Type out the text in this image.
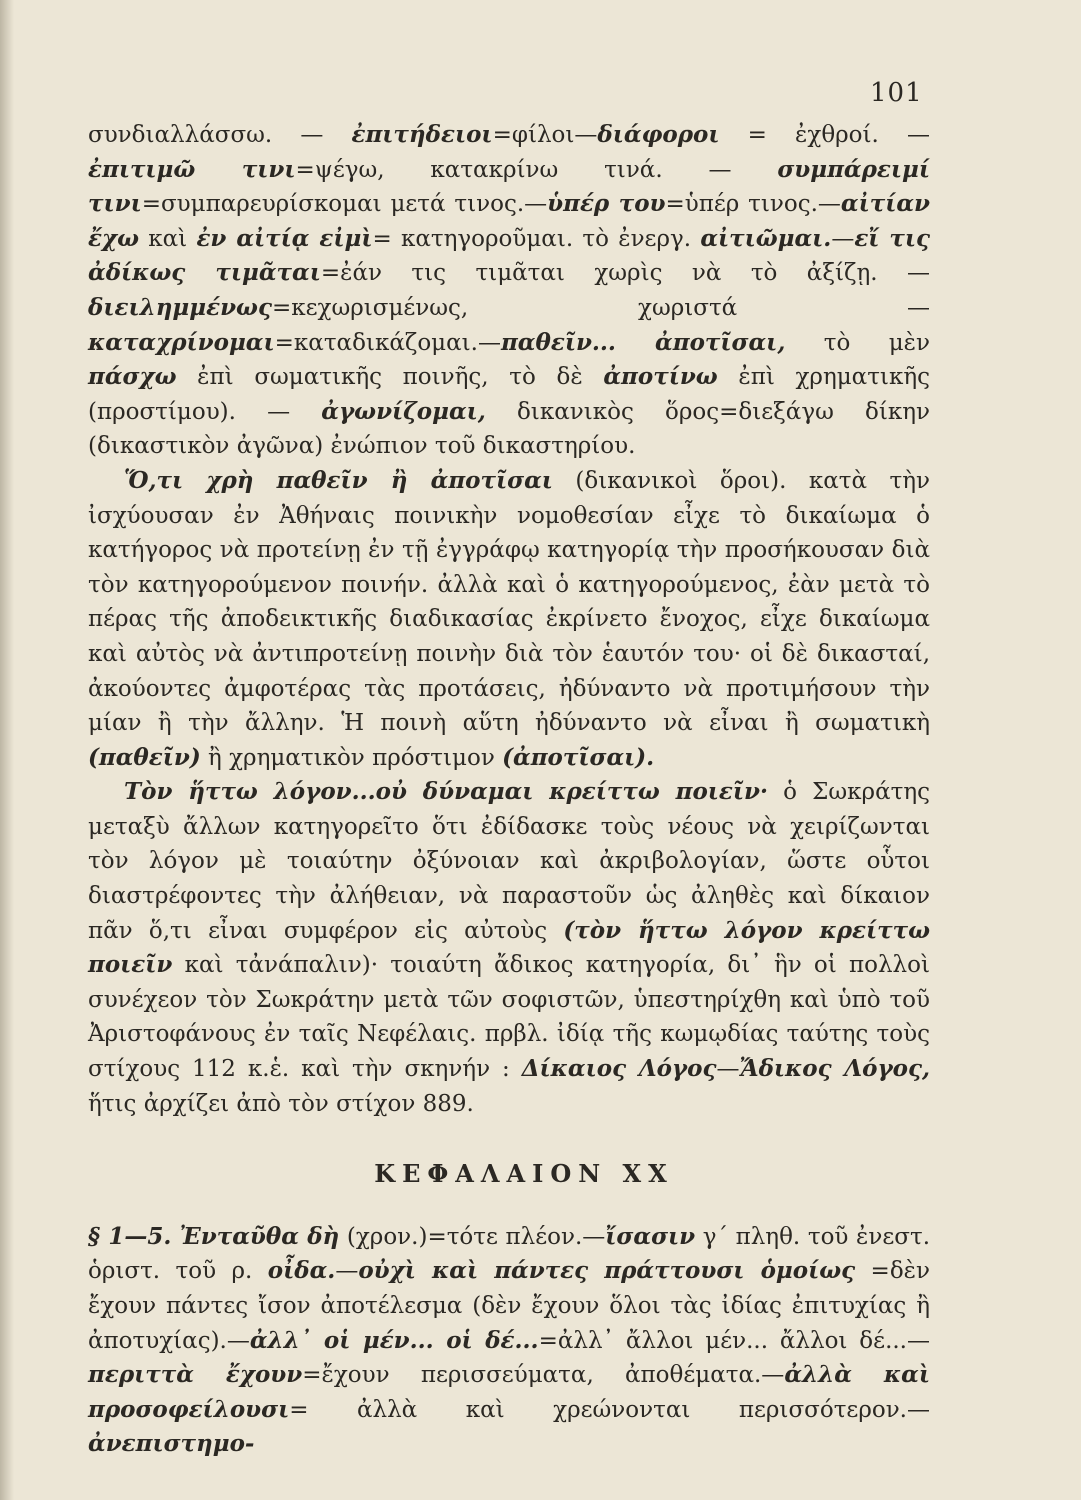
101

συνδιαλλάσσω. — ἐπιτήδειοι=φίλοι—διάφοροι = ἐχθροί. — ἐπιτιμῶ τινι=ψέγω, κατακρίνω τινά. — συμπάρειμί τινι=συμπαρευρίσκομαι μετά τινος.—ὑπέρ του=ὑπέρ τινος.—αἰτίαν ἔχω καὶ ἐν αἰτίᾳ εἰμὶ= κατηγοροῦμαι. τὸ ἐνεργ. αἰτιῶμαι.—εἴ τις ἀδίκως τιμᾶται=ἐάν τις τιμᾶται χωρὶς νὰ τὸ ἀξίζῃ. — διειλημμένως=κεχωρισμένως, χωριστά —καταχρίνομαι=καταδικάζομαι.—παθεῖν... ἀποτῖσαι, τὸ μὲν πάσχω ἐπὶ σωματικῆς ποινῆς, τὸ δὲ ἀποτίνω ἐπὶ χρηματικῆς (προστίμου). — ἀγωνίζομαι, δικανικὸς ὅρος=διεξάγω δίκην (δικαστικὸν ἀγῶνα) ἐνώπιον τοῦ δικαστηρίου.

Ὅ,τι χρὴ παθεῖν ἢ ἀποτῖσαι (δικανικοὶ ὅροι). κατὰ τὴν ἰσχύουσαν ἐν Ἀθήναις ποινικὴν νομοθεσίαν εἶχε τὸ δικαίωμα ὁ κατήγορος νὰ προτείνῃ ἐν τῇ ἐγγράφῳ κατηγορίᾳ τὴν προσήκουσαν διὰ τὸν κατηγορούμενον ποινήν. ἀλλὰ καὶ ὁ κατηγορούμενος, ἐὰν μετὰ τὸ πέρας τῆς ἀποδεικτικῆς διαδικασίας ἐκρίνετο ἔνοχος, εἶχε δικαίωμα καὶ αὐτὸς νὰ ἀντιπροτείνῃ ποινὴν διὰ τὸν ἑαυτόν του· οἱ δὲ δικασταί, ἀκούοντες ἀμφοτέρας τὰς προτάσεις, ἠδύναντο νὰ προτιμήσουν τὴν μίαν ἢ τὴν ἄλλην. Ἡ ποινὴ αὕτη ἠδύναντο νὰ εἶναι ἢ σωματικὴ (παθεῖν) ἢ χρηματικὸν πρόστιμον (ἀποτῖσαι).

Τὸν ἥττω λόγον...οὐ δύναμαι κρείττω ποιεῖν· ὁ Σωκράτης μεταξὺ ἄλλων κατηγορεῖτο ὅτι ἐδίδασκε τοὺς νέους νὰ χειρίζωνται τὸν λόγον μὲ τοιαύτην ὀξύνοιαν καὶ ἀκριβολογίαν, ὥστε οὗτοι διαστρέφοντες τὴν ἀλήθειαν, νὰ παραστοῦν ὡς ἀληθὲς καὶ δίκαιον πᾶν ὅ,τι εἶναι συμφέρον εἰς αὐτοὺς (τὸν ἥττω λόγον κρείττω ποιεῖν καὶ τἀνάπαλιν)· τοιαύτη ἄδικος κατηγορία, δι᾽ ἣν οἱ πολλοὶ συνέχεον τὸν Σωκράτην μετὰ τῶν σοφιστῶν, ὑπεστηρίχθη καὶ ὑπὸ τοῦ Ἀριστοφάνους ἐν ταῖς Νεφέλαις. πρβλ. ἰδίᾳ τῆς κωμῳδίας ταύτης τοὺς στίχους 112 κ.ἑ. καὶ τὴν σκηνήν : Δίκαιος Λόγος—Ἄδικος Λόγος, ἥτις ἀρχίζει ἀπὸ τὸν στίχον 889.

ΚΕΦΑΛΑΙΟΝ XX

§ 1—5. Ἐνταῦθα δὴ (χρον.)=τότε πλέον.—ἴσασιν γ΄ πληθ. τοῦ ἐνεστ. ὁριστ. τοῦ ρ. οἶδα.—οὐχὶ καὶ πάντες πράττουσι ὁμοίως =δὲν ἔχουν πάντες ἴσον ἀποτέλεσμα (δὲν ἔχουν ὅλοι τὰς ἰδίας ἐπιτυχίας ἢ ἀποτυχίας).—ἀλλ᾽ οἱ μέν... οἱ δέ...=ἀλλ᾽ ἄλλοι μέν... ἄλλοι δέ...—περιττὰ ἔχουν=ἔχουν περισσεύματα, ἀποθέματα.—ἀλλὰ καὶ προσοφείλουσι= ἀλλὰ καὶ χρεώνονται περισσότερον.—ἀνεπιστημο-
